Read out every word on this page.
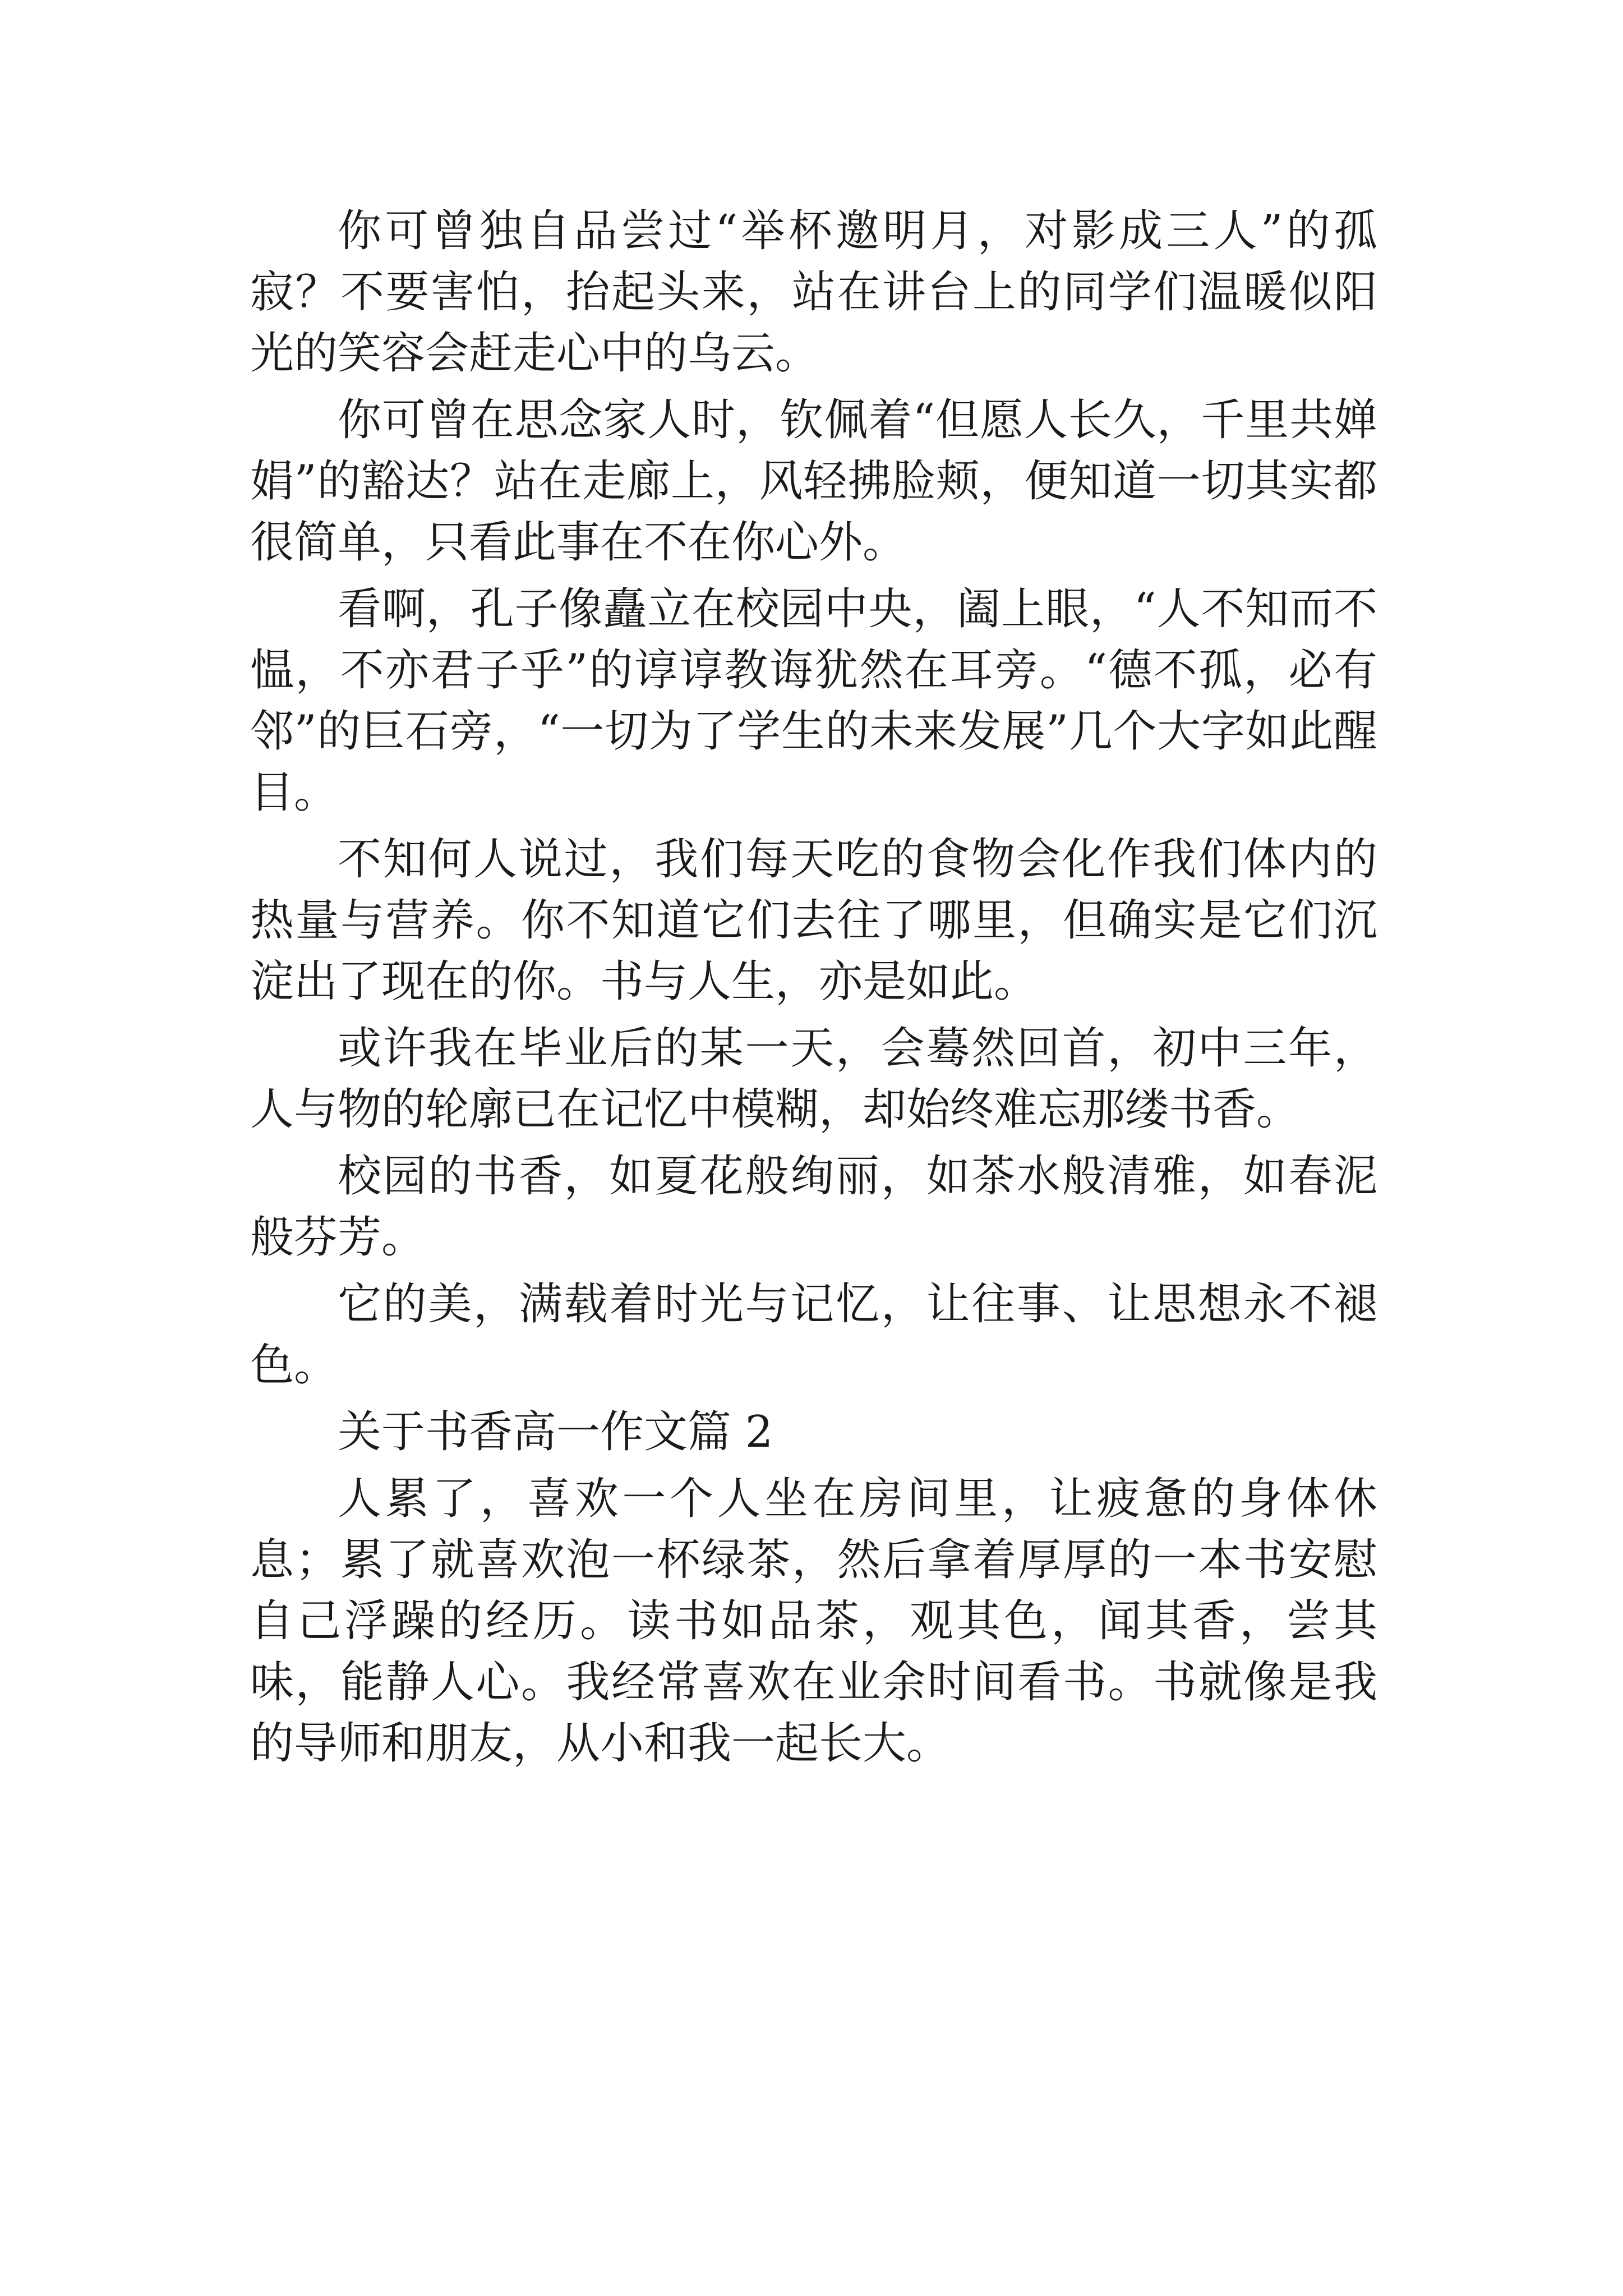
你可曾独自品尝过“举杯邀明月，对影成三人”的孤寂？不要害怕，抬起头来，站在讲台上的同学们温暖似阳光的笑容会赶走心中的乌云。

你可曾在思念家人时，钦佩着“但愿人长久，千里共婵娟”的豁达？站在走廊上，风轻拂脸颊，便知道一切其实都很简单，只看此事在不在你心外。

看啊，孔子像矗立在校园中央，阖上眼，“人不知而不愠，不亦君子乎”的谆谆教诲犹然在耳旁。“德不孤，必有邻”的巨石旁，“一切为了学生的未来发展”几个大字如此醒目。

不知何人说过，我们每天吃的食物会化作我们体内的热量与营养。你不知道它们去往了哪里，但确实是它们沉淀出了现在的你。书与人生，亦是如此。

或许我在毕业后的某一天，会蓦然回首，初中三年，人与物的轮廓已在记忆中模糊，却始终难忘那缕书香。

校园的书香，如夏花般绚丽，如茶水般清雅，如春泥般芬芳。

它的美，满载着时光与记忆，让往事、让思想永不褪色。

关于书香高一作文篇 2

人累了，喜欢一个人坐在房间里，让疲惫的身体休息；累了就喜欢泡一杯绿茶，然后拿着厚厚的一本书安慰自己浮躁的经历。读书如品茶，观其色，闻其香，尝其味，能静人心。我经常喜欢在业余时间看书。书就像是我的导师和朋友，从小和我一起长大。
